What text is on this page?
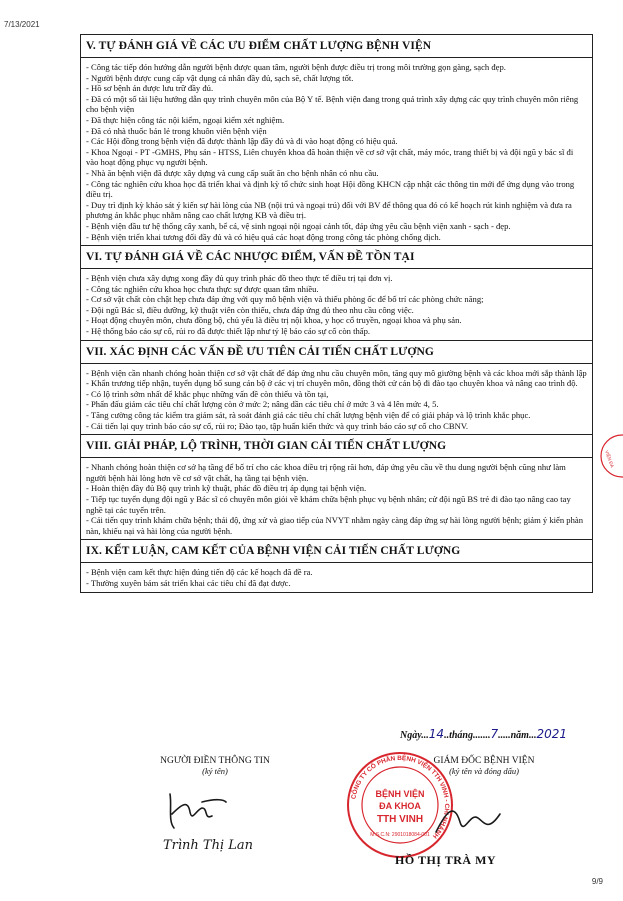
7/13/2021
V. TỰ ĐÁNH GIÁ VỀ CÁC ƯU ĐIỂM CHẤT LƯỢNG BỆNH VIỆN
- Công tác tiếp đón hướng dẫn người bệnh được quan tâm, người bệnh được điều trị trong môi trường gọn gàng, sạch đẹp.
- Người bệnh được cung cấp vật dụng cá nhân đầy đủ, sạch sẽ, chất lượng tốt.
- Hồ sơ bệnh án được lưu trữ đầy đủ.
- Đã có một số tài liệu hướng dẫn quy trình chuyên môn của Bộ Y tế. Bệnh viện đang trong quá trình xây dựng các quy trình chuyên môn riêng cho bệnh viện
- Đã thực hiện công tác nội kiểm, ngoại kiểm xét nghiệm.
- Đã có nhà thuốc bán lẻ trong khuôn viên bệnh viện
- Các Hội đồng trong bệnh viện đã được thành lập đầy đủ và đi vào hoạt động có hiệu quả.
- Khoa Ngoại - PT -GMHS, Phụ sản - HTSS, Liên chuyên khoa đã hoàn thiện về cơ sở vật chất, máy móc, trang thiết bị và đội ngũ y bác sĩ đi vào hoạt động phục vụ người bệnh.
- Nhà ăn bệnh viện đã được xây dựng và cung cấp suất ăn cho bệnh nhân có nhu cầu.
- Công tác nghiên cứu khoa học đã triển khai và định kỳ tổ chức sinh hoạt Hội đồng KHCN cập nhật các thông tin mới để ứng dụng vào trong điều trị.
- Duy trì định kỳ khảo sát ý kiến sự hài lòng của NB (nội trú và ngoại trú) đối với BV để thông qua đó có kế hoạch rút kinh nghiệm và đưa ra phương án khắc phục nhằm nâng cao chất lượng KB và điều trị.
- Bệnh viện đầu tư hệ thống cây xanh, bể cá, vệ sinh ngoại nội ngoại cảnh tốt, đáp ứng yêu cầu bệnh viện xanh - sạch - đẹp.
- Bệnh viện triển khai tương đối đầy đủ và có hiệu quả các hoạt động trong công tác phòng chống dịch.
VI. TỰ ĐÁNH GIÁ VỀ CÁC NHƯỢC ĐIỂM, VẤN ĐỀ TỒN TẠI
- Bệnh viện chưa xây dựng xong đầy đủ quy trình phác đồ theo thực tế điều trị tại đơn vị.
- Công tác nghiên cứu khoa học chưa thực sự được quan tâm nhiều.
- Cơ sở vật chất còn chật hẹp chưa đáp ứng với quy mô bệnh viện và thiếu phòng ốc để bố trí các phòng chức năng;
- Đội ngũ Bác sĩ, điều dưỡng, kỹ thuật viên còn thiếu, chưa đáp ứng đủ theo nhu cầu công việc.
- Hoạt động chuyên môn, chưa đồng bộ, chủ yếu là điều trị nội khoa, y học cổ truyền, ngoại khoa và phụ sản.
- Hệ thống báo cáo sự cố, rủi ro đã được thiết lập như tỷ lệ báo cáo sự cố còn thấp.
VII. XÁC ĐỊNH CÁC VẤN ĐỀ ƯU TIÊN CẢI TIẾN CHẤT LƯỢNG
- Bệnh viện cần nhanh chóng hoàn thiện cơ sở vật chất để đáp ứng nhu cầu chuyên môn, tăng quy mô giường bệnh và các khoa mới sắp thành lập
- Khẩn trương tiếp nhận, tuyển dụng bổ sung cán bộ ở các vị trí chuyên môn, đồng thời cử cán bộ đi đào tạo chuyên khoa và nâng cao trình độ.
- Có lộ trình sớm nhất để khắc phục những vấn đề còn thiếu và tồn tại,
- Phấn đấu giảm các tiêu chí chất lượng còn ở mức 2; nâng dần các tiêu chí ở mức 3 và 4 lên mức 4, 5.
- Tăng cường công tác kiểm tra giám sát, rà soát đánh giá các tiêu chí chất lượng bệnh viện để có giải pháp và lộ trình khắc phục.
- Cải tiến lại quy trình báo cáo sự cố, rủi ro; Đào tạo, tập huấn kiến thức và quy trình báo cáo sự cố cho CBNV.
VIII. GIẢI PHÁP, LỘ TRÌNH, THỜI GIAN CẢI TIẾN CHẤT LƯỢNG
- Nhanh chóng hoàn thiện cơ sở hạ tầng để bố trí cho các khoa điều trị rộng rãi hơn, đáp ứng yêu cầu về thu dung người bệnh cũng như làm người bệnh hài lòng hơn về cơ sở vật chất, hạ tầng tại bệnh viện.
- Hoàn thiện đầy đủ Bộ quy trình kỹ thuật, phác đồ điều trị áp dụng tại bệnh viện.
- Tiếp tục tuyển dụng đội ngũ y Bác sĩ có chuyên môn giỏi về khám chữa bệnh phục vụ bệnh nhân; cử đội ngũ BS trẻ đi đào tạo nâng cao tay nghề tại các tuyến trên.
- Cải tiến quy trình khám chữa bệnh; thái độ, ứng xử và giao tiếp của NVYT nhằm ngày càng đáp ứng sự hài lòng người bệnh; giảm ý kiến phàn nàn, khiếu nại và hài lòng của người bệnh.
IX. KẾT LUẬN, CAM KẾT CỦA BỆNH VIỆN CẢI TIẾN CHẤT LƯỢNG
- Bệnh viện cam kết thực hiện đúng tiến độ các kế hoạch đã đề ra.
- Thường xuyên bám sát triển khai các tiêu chí đã đạt được.
VIỆN ĐA
Ngày...14..tháng.......7.....năm...2021
NGƯỜI ĐIỀN THÔNG TIN
(ký tên)
GIÁM ĐỐC BỆNH VIỆN
(ký tên và đóng dấu)
Trình Thị Lan
CÔNG TY CỔ PHẦN BỆNH VIỆN TTH VINH - CHI NHÁNH
BỆNH VIỆN
ĐA KHOA
TTH VINH
M.S.C.N: 2901018084-001
HỒ THỊ TRÀ MY
9/9
